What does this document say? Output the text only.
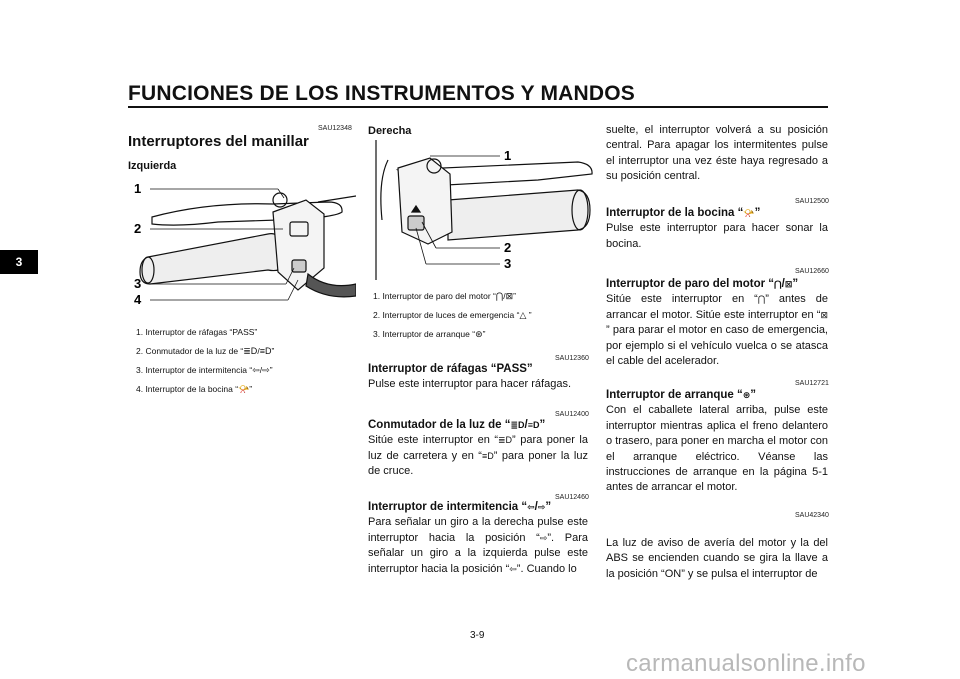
FUNCIONES DE LOS INSTRUMENTOS Y MANDOS
3
SAU12348
Interruptores del manillar
Izquierda
1
2
3
4
1. Interruptor de ráfagas “PASS”
2. Conmutador de la luz de “≣D/≡D”
3. Interruptor de intermitencia “⇦/⇨”
4. Interruptor de la bocina “📯”
Derecha
1
2
3
1. Interruptor de paro del motor “⋂/⊠”
2. Interruptor de luces de emergencia “△ ”
3. Interruptor de arranque “⊛”
SAU12360
Interruptor de ráfagas “PASS”
Pulse este interruptor para hacer ráfagas.
SAU12400
Conmutador de la luz de “≣D/≡D”
Sitúe este interruptor en “≣D” para poner la luz de carretera y en “≡D” para poner la luz de cruce.
SAU12460
Interruptor de intermitencia “⇦/⇨”
Para señalar un giro a la derecha pulse este interruptor hacia la posición “⇨”. Para señalar un giro a la izquierda pulse este interruptor hacia la posición “⇦”. Cuando lo
suelte, el interruptor volverá a su posición central. Para apagar los intermitentes pulse el interruptor una vez éste haya regresado a su posición central.
SAU12500
Interruptor de la bocina “📯”
Pulse este interruptor para hacer sonar la bocina.
SAU12660
Interruptor de paro del motor “⋂/⊠”
Sitúe este interruptor en “⋂” antes de arrancar el motor. Sitúe este interruptor en “⊠” para parar el motor en caso de emergencia, por ejemplo si el vehículo vuelca o se atasca el cable del acelerador.
SAU12721
Interruptor de arranque “⊛”
Con el caballete lateral arriba, pulse este interruptor mientras aplica el freno delantero o trasero, para poner en marcha el motor con el arranque eléctrico. Véanse las instrucciones de arranque en la página 5-1 antes de arrancar el motor.
SAU42340
La luz de aviso de avería del motor y la del ABS se encienden cuando se gira la llave a la posición “ON” y se pulsa el interruptor de
3-9
carmanualsonline.info
